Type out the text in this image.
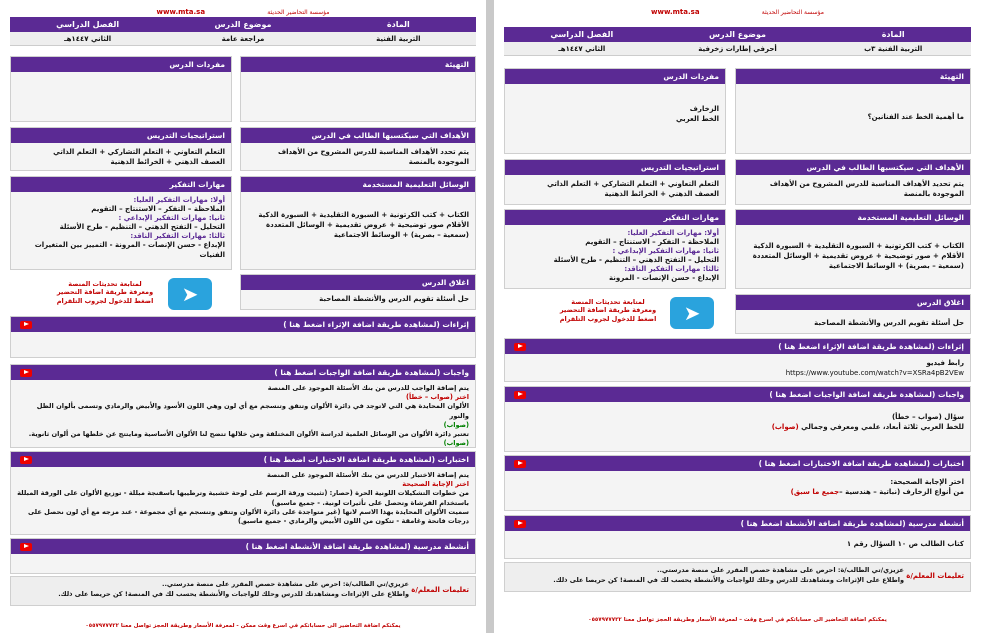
مؤسسة التحاضير الحديثة www.mta.sa
المادة
موضوع الدرس
الفصل الدراسي
التربية الفنية
مراجعة عامة
الثاني ١٤٤٧هـ
التهيئة
مفردات الدرس
الأهداف التي سيكتسبها الطالب في الدرس
يتم تحدد الأهداف المناسبة للدرس المشروح من الأهداف الموجودة بالمنصة
استراتيجيات التدريس
التعلم التعاوني + التعلم التشاركي + التعلم الذاتي
العصف الذهني + الخرائط الذهنية
الوسائل التعليمية المستخدمة
الكتاب + كتب الكرتونية + السبورة التقليدية + السبورة الذكية
الأقلام صور توضيحية + عروض تقديمية + الوسائل المتعددة
(سمعية – بصرية) + الوسائط الاجتماعية
مهارات التفكير
أولا: مهارات التفكير العليا:
الملاحظة – التفكر – الاستنتاج – التقويم
ثانيا: مهارات التفكير الإبداعي :
التحليل – التفتح الذهني – التنظيم - طرح الأسئلة
ثالثا: مهارات التفكير الناقد:
الإبداع - حسن الإنصات - المرونة - التمييز بين المتغيرات
الفنيات
اغلاق الدرس
حل أسئلة تقويم الدرس والأنشطة المصاحبة
➤
لمتابعة تحديثات المنصة
ومعرفة طريقة اضافة التحضير
اضغط للدخول لجروب التلقرام
إثراءات (لمشاهدة طريقة اضافة الإثراء اضغط هنا )
واجبات (لمشاهدة طريقة اضافة الواجبات اضغط هنا )
يتم إضافة الواجب للدرس من بنك الأسئلة الموجود على المنصة
اختر (صواب – خطأ)
الألوان المحايدة هي التي لاتوجد في دائرة الألوان وتتفق وتنسجم مع أي لون وهي اللون الأسود والأبيض والرمادي وتسمى بألوان الظل والنور
(صواب)
تعتبر دائرة الألوان من الوسائل العلمية لدراسة الألوان المختلفة ومن خلالها تتضح لنا الألوان الأساسية ومايتتج عن خلطها من ألوان ثانوية.
(صواب)
اختبارات (لمشاهدة طريقة اضافة الاختبارات اضغط هنا )
يتم إضافة الاختبار للدرس من بنك الأسئلة الموجود على المنصة
اختر الإجابة الصحيحة
من خطوات التشكيلات اللونية الحرة (حصار: (تثبيت ورقة الرسم على لوحة خشبية وترطيبها باسفنجة مبللة - توزيع الألوان على الورقة المبللة
باستخدام الفرشاة وتحصل على تأثيرات لونية. - جميع ماسبق)
سميت الألوان المحايدة بهذا الاسم لانها (غير متواجدة على دائرة الألوان وتتفق وتنسجم مع أي مجموعة - عند مزجه مع أي لون نحصل على
درجات فاتحة وغامقة - تتكون من اللون الأبيض والرمادي - جميع ماسبق)
أنشطة مدرسية (لمشاهدة طريقة اضافة الأنشطة اضغط هنا )
تعليمات المعلم/ة
عزيزي/تي الطالب/ة: احرص على مشاهدة حصص المقرر على منصة مدرستي..
واطلاع على الإثراءات ومشاهدتك للدرس وحلك للواجبات والأنشطة يحسب لك في المنصة! كن حريصا على ذلك.
يمكنكم اضافة التحاضير الى حساباتكم في اسرع وقت ممكن - لمعرفة الأسعار وطريقة الحجز تواصل معنا ٠٥٥٧٩٧٧٧٢٢
مؤسسة التحاضير الحديثة www.mta.sa
المادة
موضوع الدرس
الفصل الدراسي
التربية الفنية ٣ب
أحرفي إطارات زخرفية
الثاني ١٤٤٧هـ
التهيئة
ما أهمية الخط عند الفنانين؟
مفردات الدرس
الزخارف
الخط العربي
الأهداف التي سيكتسبها الطالب في الدرس
يتم تحديد الأهداف المناسبة للدرس المشروح من الأهداف الموجودة بالمنصة
استراتيجيات التدريس
التعلم التعاوني + التعلم التشاركي + التعلم الذاتي
العصف الذهني + الخرائط الذهنية
الوسائل التعليمية المستخدمة
الكتاب + كتب الكرتونية + السبورة التقليدية + السبورة الذكية
الأقلام + صور توضيحية + عروض تقديمية + الوسائل المتعددة
(سمعية – بصرية) + الوسائط الاجتماعية
مهارات التفكير
أولا: مهارات التفكير العليا:
الملاحظة – التفكر – الاستنتاج – التقويم
ثانيا: مهارات التفكير الإبداعي :
التحليل – التفتح الذهني – التنظيم - طرح الأسئلة
ثالثا: مهارات التفكير الناقد:
الإبداع - حسن الإنصات - المرونة
اغلاق الدرس
حل أسئلة تقويم الدرس والأنشطة المصاحبة
➤
لمتابعة تحديثات المنصة
ومعرفة طريقة اضافة التحضير
اضغط للدخول لجروب التلقرام
إثراءات (لمشاهدة طريقة اضافة الإثراء اضغط هنا )
رابط فيديو
https://www.youtube.com/watch?v=XSRa4pB2VEw
واجبات (لمشاهدة طريقة اضافة الواجبات اضغط هنا )
سؤال (صواب – خطأ)
للخط العربي ثلاثة أبعاد، علمي ومعرفي وجمالي (صواب)
اختبارات (لمشاهدة طريقة اضافة الاختبارات اضغط هنا )
اختر الإجابة الصحيحة:
من أنواع الزخارف (نباتية – هندسية –جميع ما سبق)
أنشطة مدرسية (لمشاهدة طريقة اضافة الأنشطة اضغط هنا )
كتاب الطالب ص ١٠ السؤال رقم ١
تعليمات المعلم/ة
عزيزي/تي الطالب/ة: احرص على مشاهدة حصص المقرر على منصة مدرستي..
واطلاع على الإثراءات ومشاهدتك للدرس وحلك للواجبات والأنشطة يحسب لك في المنصة! كن حريصا على ذلك.
يمكنكم اضافة التحاضير الى حساباتكم في اسرع وقت – لمعرفة الأسعار وطريقة الحجز تواصل معنا ٠٥٥٧٩٧٧٧٢٢
